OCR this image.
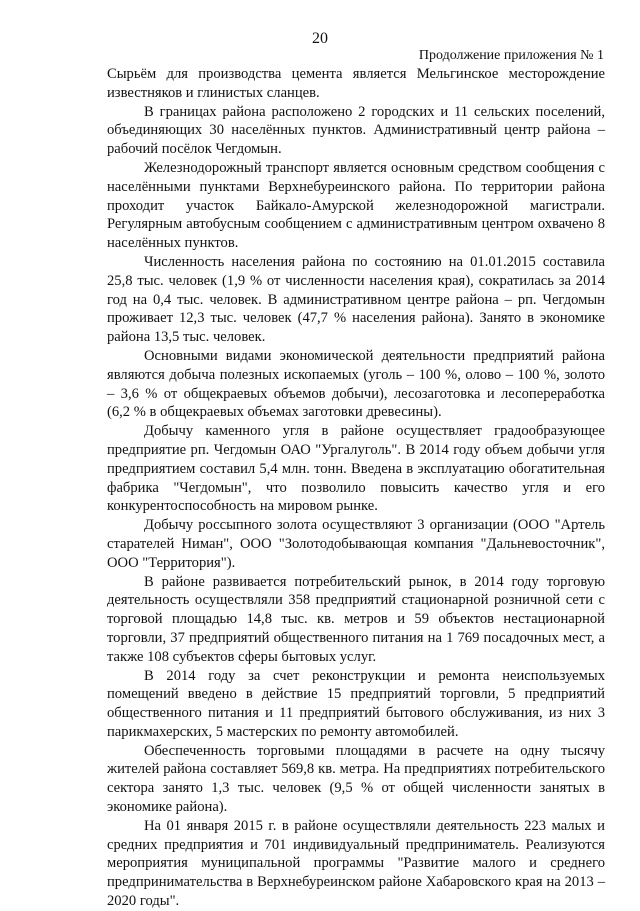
20
Продолжение приложения № 1

Сырьём для производства цемента является Мельгинское месторождение известняков и глинистых сланцев.

В границах района расположено 2 городских и 11 сельских поселений, объединяющих 30 населённых пунктов. Административный центр района – рабочий посёлок Чегдомын.

Железнодорожный транспорт является основным средством сообщения с населёнными пунктами Верхнебуреинского района. По территории района проходит участок Байкало-Амурской железнодорожной магистрали. Регулярным автобусным сообщением с административным центром охвачено 8 населённых пунктов.

Численность населения района по состоянию на 01.01.2015 составила 25,8 тыс. человек (1,9 % от численности населения края), сократилась за 2014 год на 0,4 тыс. человек. В административном центре района – рп. Чегдомын проживает 12,3 тыс. человек (47,7 % населения района). Занято в экономике района 13,5 тыс. человек.

Основными видами экономической деятельности предприятий района являются добыча полезных ископаемых (уголь – 100 %, олово – 100 %, золото – 3,6 % от общекраевых объемов добычи), лесозаготовка и лесопереработка (6,2 % в общекраевых объемах заготовки древесины).

Добычу каменного угля в районе осуществляет градообразующее предприятие рп. Чегдомын ОАО "Ургалуголь". В 2014 году объем добычи угля предприятием составил 5,4 млн. тонн. Введена в эксплуатацию обогатительная фабрика "Чегдомын", что позволило повысить качество угля и его конкурентоспособность на мировом рынке.

Добычу россыпного золота осуществляют 3 организации (ООО "Артель старателей Ниман", ООО "Золотодобывающая компания "Дальневосточник", ООО "Территория").

В районе развивается потребительский рынок, в 2014 году торговую деятельность осуществляли 358 предприятий стационарной розничной сети с торговой площадью 14,8 тыс. кв. метров и 59 объектов нестационарной торговли, 37 предприятий общественного питания на 1 769 посадочных мест, а также 108 субъектов сферы бытовых услуг.

В 2014 году за счет реконструкции и ремонта неиспользуемых помещений введено в действие 15 предприятий торговли, 5 предприятий общественного питания и 11 предприятий бытового обслуживания, из них 3 парикмахерских, 5 мастерских по ремонту автомобилей.

Обеспеченность торговыми площадями в расчете на одну тысячу жителей района составляет 569,8 кв. метра. На предприятиях потребительского сектора занято 1,3 тыс. человек (9,5 % от общей численности занятых в экономике района).

На 01 января 2015 г. в районе осуществляли деятельность 223 малых и средних предприятия и 701 индивидуальный предприниматель. Реализуются мероприятия муниципальной программы "Развитие малого и среднего предпринимательства в Верхнебуреинском районе Хабаровского края на 2013 – 2020 годы".
